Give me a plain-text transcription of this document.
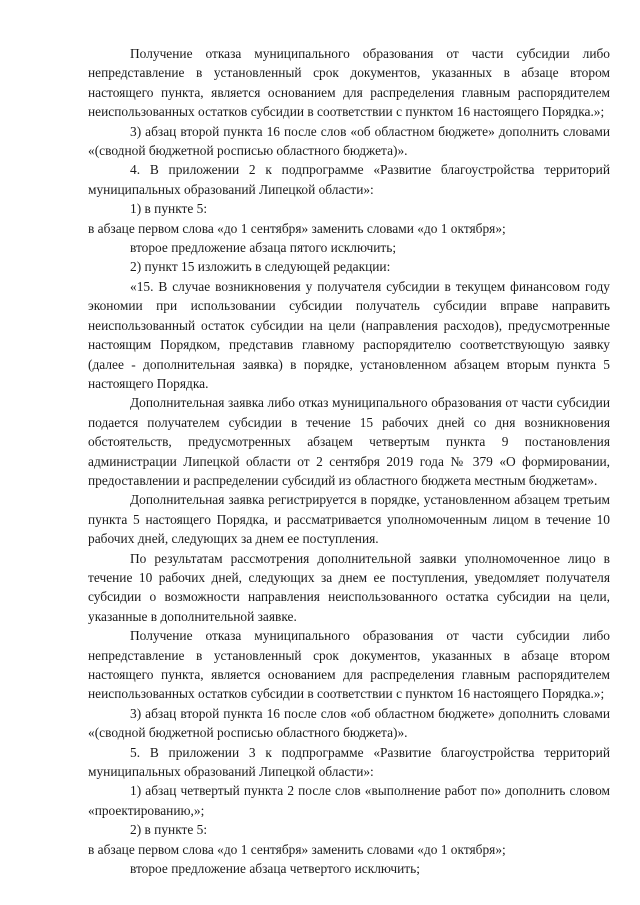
Получение отказа муниципального образования от части субсидии либо непредставление в установленный срок документов, указанных в абзаце втором настоящего пункта, является основанием для распределения главным распорядителем неиспользованных остатков субсидии в соответствии с пунктом 16 настоящего Порядка.»;

3) абзац второй пункта 16 после слов «об областном бюджете» дополнить словами «(сводной бюджетной росписью областного бюджета)».

4. В приложении 2 к подпрограмме «Развитие благоустройства территорий муниципальных образований Липецкой области»:

1) в пункте 5:

в абзаце первом слова «до 1 сентября» заменить словами «до 1 октября»;

второе предложение абзаца пятого исключить;

2) пункт 15 изложить в следующей редакции:

«15. В случае возникновения у получателя субсидии в текущем финансовом году экономии при использовании субсидии получатель субсидии вправе направить неиспользованный остаток субсидии на цели (направления расходов), предусмотренные настоящим Порядком, представив главному распорядителю соответствующую заявку (далее - дополнительная заявка) в порядке, установленном абзацем вторым пункта 5 настоящего Порядка.

Дополнительная заявка либо отказ муниципального образования от части субсидии подается получателем субсидии в течение 15 рабочих дней со дня возникновения обстоятельств, предусмотренных абзацем четвертым пункта 9 постановления администрации Липецкой области от 2 сентября 2019 года № 379 «О формировании, предоставлении и распределении субсидий из областного бюджета местным бюджетам».

Дополнительная заявка регистрируется в порядке, установленном абзацем третьим пункта 5 настоящего Порядка, и рассматривается уполномоченным лицом в течение 10 рабочих дней, следующих за днем ее поступления.

По результатам рассмотрения дополнительной заявки уполномоченное лицо в течение 10 рабочих дней, следующих за днем ее поступления, уведомляет получателя субсидии о возможности направления неиспользованного остатка субсидии на цели, указанные в дополнительной заявке.

Получение отказа муниципального образования от части субсидии либо непредставление в установленный срок документов, указанных в абзаце втором настоящего пункта, является основанием для распределения главным распорядителем неиспользованных остатков субсидии в соответствии с пунктом 16 настоящего Порядка.»;

3) абзац второй пункта 16 после слов «об областном бюджете» дополнить словами «(сводной бюджетной росписью областного бюджета)».

5. В приложении 3 к подпрограмме «Развитие благоустройства территорий муниципальных образований Липецкой области»:

1) абзац четвертый пункта 2 после слов «выполнение работ по» дополнить словом «проектированию,»;

2) в пункте 5:

в абзаце первом слова «до 1 сентября» заменить словами «до 1 октября»;

второе предложение абзаца четвертого исключить;
